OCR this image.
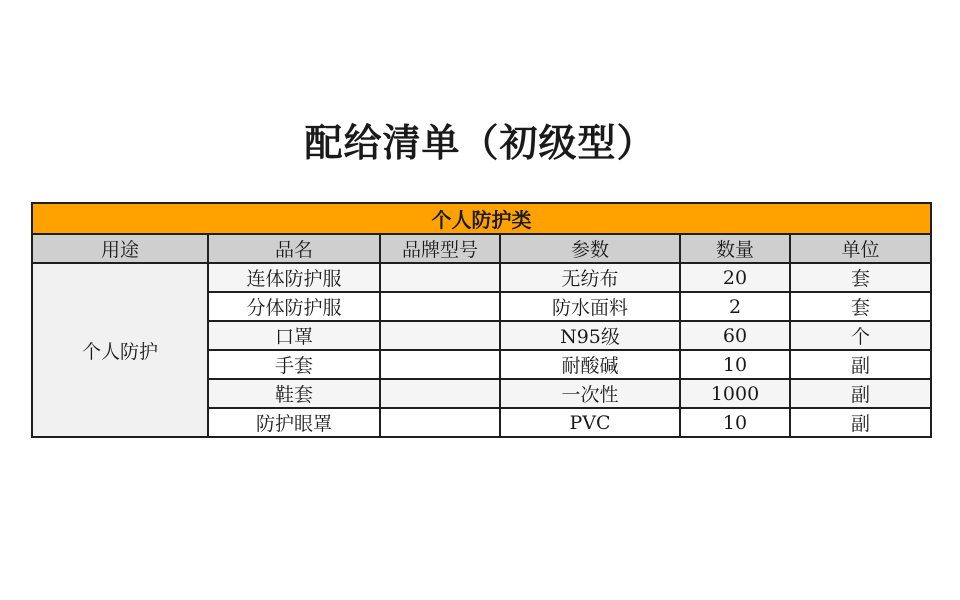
配给清单（初级型）
个人防护类					
用途	品名	品牌型号	参数	数量	单位
个人防护	连体防护服		无纺布	20	套
	分体防护服		防水面料	2	套
	口罩		N95级	60	个
	手套		耐酸碱	10	副
	鞋套		一次性	1000	副
	防护眼罩		PVC	10	副
